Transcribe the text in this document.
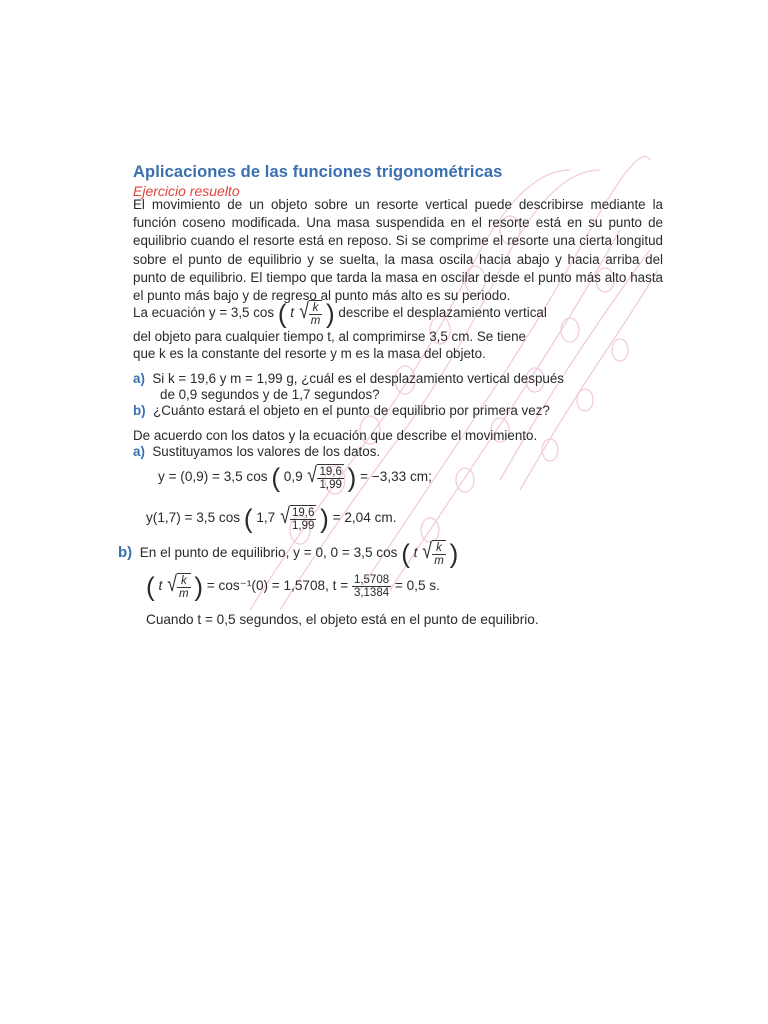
Aplicaciones de las funciones trigonométricas
Ejercicio resuelto
El movimiento de un objeto sobre un resorte vertical puede describirse mediante la función coseno modificada. Una masa suspendida en el resorte está en su punto de equilibrio cuando el resorte está en reposo. Si se comprime el resorte una cierta longitud sobre el punto de equilibrio y se suelta, la masa oscila hacia abajo y hacia arriba del punto de equilibrio. El tiempo que tarda la masa en oscilar desde el punto más alto hasta el punto más bajo y de regreso al punto más alto es su periodo.
La ecuación y = 3,5 cos ( t √ $\frac{k}{m}$ ) describe el desplazamiento vertical
del objeto para cualquier tiempo t, al comprimirse 3,5 cm. Se tiene
que k es la constante del resorte y m es la masa del objeto.
a) Si k = 19,6 y m = 1,99 g, ¿cuál es el desplazamiento vertical después
de 0,9 segundos y de 1,7 segundos?
b) ¿Cuánto estará el objeto en el punto de equilibrio por primera vez?
De acuerdo con los datos y la ecuación que describe el movimiento.
a) Sustituyamos los valores de los datos.
y = (0,9) = 3,5 cos ( 0,9 √ $\frac{19,6}{1,99}$ ) = −3,33 cm;
y(1,7) = 3,5 cos ( 1,7 √ $\frac{19,6}{1,99}$ ) = 2,04 cm.
b) En el punto de equilibrio, y = 0, 0 = 3,5 cos ( t √ $\frac{k}{m}$ )
( t √ $\frac{k}{m}$ ) = cos⁻¹(0) = 1,5708, $t = \frac{1,5708}{3,1384} = 0,5$ s.
Cuando t = 0,5 segundos, el objeto está en el punto de equilibrio.
